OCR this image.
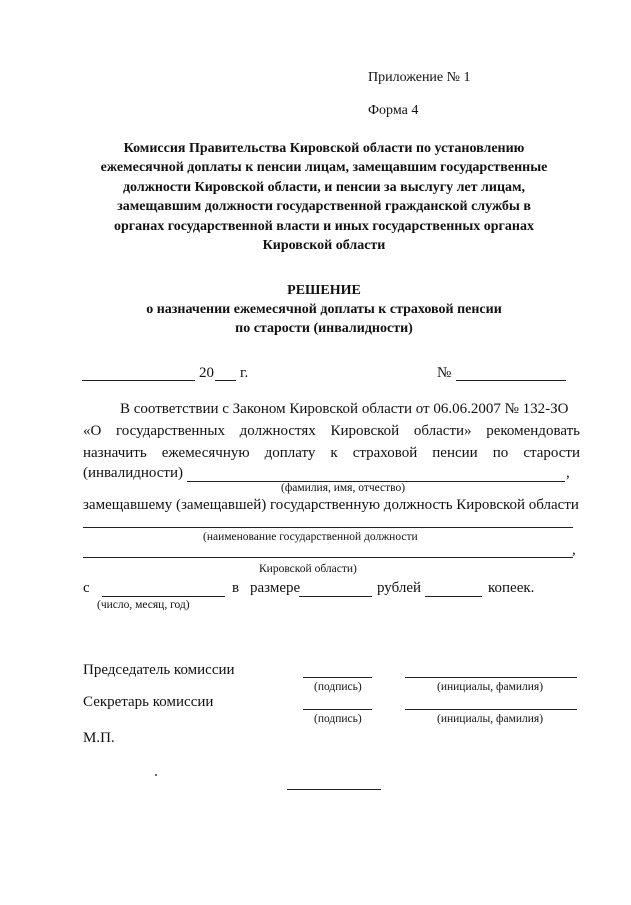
Приложение № 1
Форма 4
Комиссия Правительства Кировской области по установлению
ежемесячной доплаты к пенсии лицам, замещавшим государственные
должности Кировской области, и пенсии за выслугу лет лицам,
замещавшим должности государственной гражданской службы в
органах государственной власти и иных государственных органах
Кировской области
РЕШЕНИЕ
о назначении ежемесячной доплаты к страховой пенсии
по старости (инвалидности)
20 г.	№
В соответствии с Законом Кировской области от 06.06.2007 № 132-ЗО
«О государственных должностях Кировской области» рекомендовать
назначить ежемесячную доплату к страховой пенсии по старости
(инвалидности)	,
(фамилия, имя, отчество)
замещавшему (замещавшей) государственную должность Кировской области
(наименование государственной должности
,
Кировской области)
с	в размере	рублей	копеек.
(число, месяц, год)
Председатель комиссии
(подпись)	(инициалы, фамилия)
Секретарь комиссии
(подпись)	(инициалы, фамилия)
М.П.
